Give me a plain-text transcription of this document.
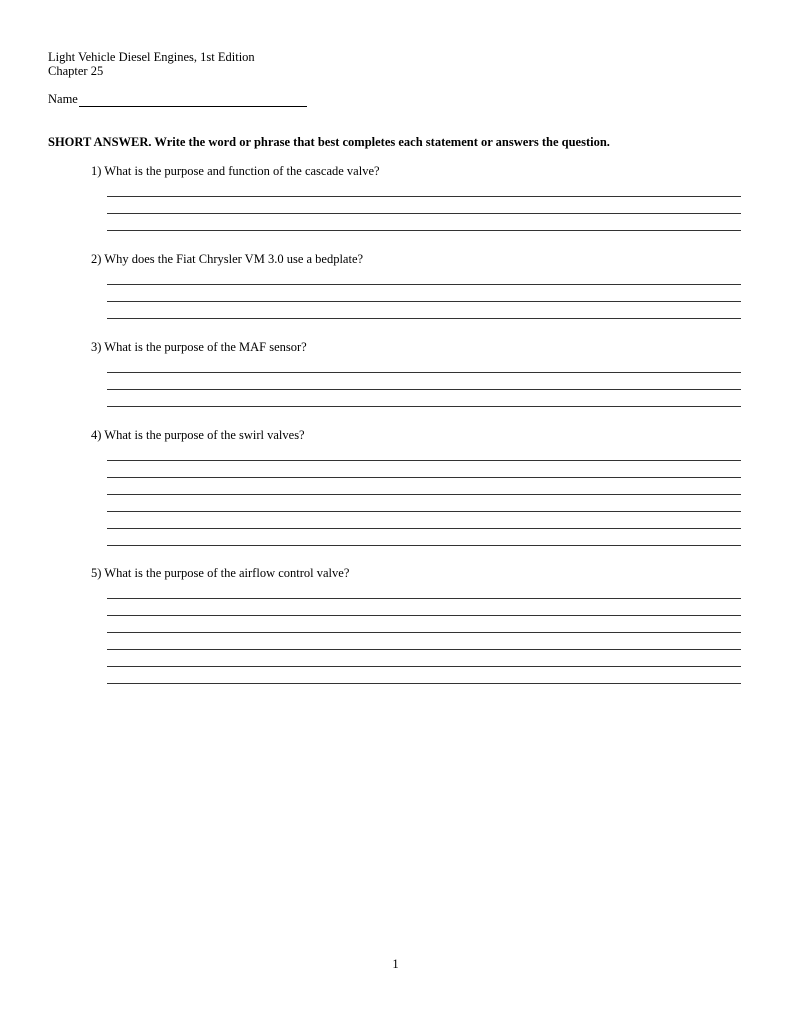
Light Vehicle Diesel Engines, 1st Edition
Chapter 25
Name
SHORT ANSWER. Write the word or phrase that best completes each statement or answers the question.
1) What is the purpose and function of the cascade valve?
2) Why does the Fiat Chrysler VM 3.0 use a bedplate?
3) What is the purpose of the MAF sensor?
4) What is the purpose of the swirl valves?
5) What is the purpose of the airflow control valve?
1
